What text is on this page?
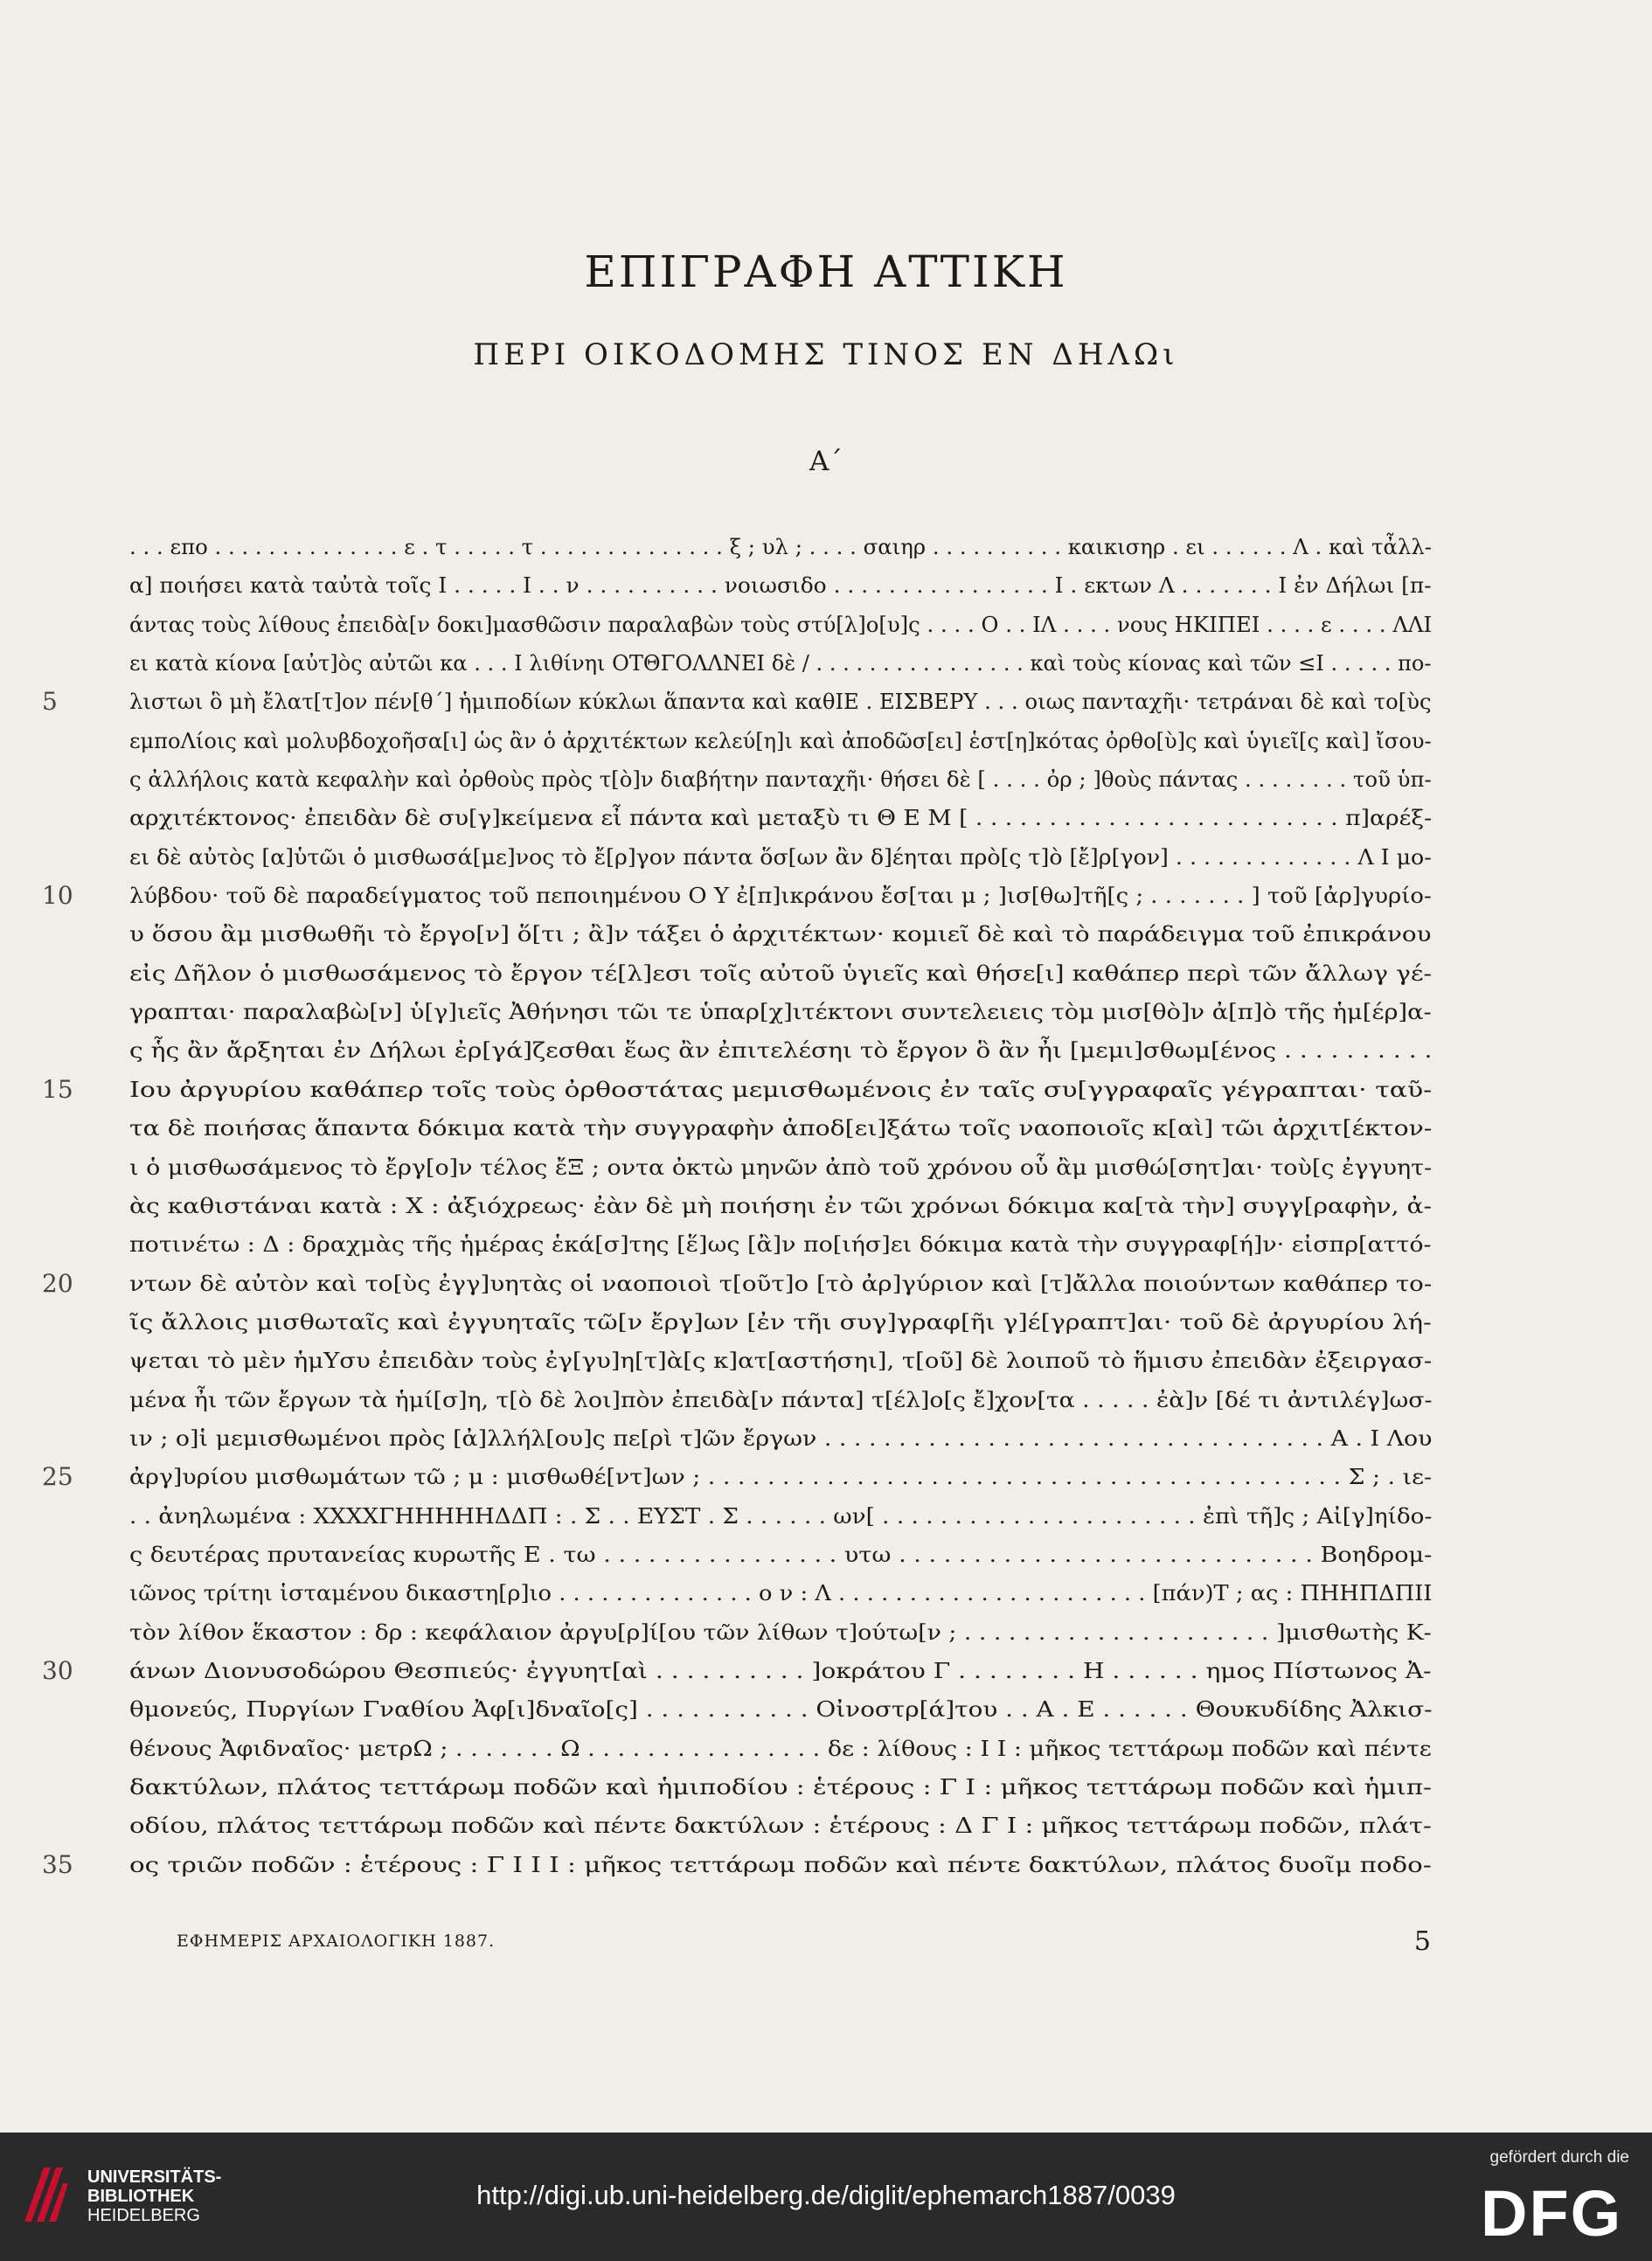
ΕΠΙΓΡΑΦΗ ΑΤΤΙΚΗ
ΠΕΡΙ ΟΙΚΟΔΟΜΗΣ ΤΙΝΟΣ ΕΝ ΔΗΛΩι
Α΄
. . . επο . . . . . . . . . . . . . . ε . τ . . . . . τ . . . . . . . . . . . . . . ξ ; υλ ; . . . . σαιηρ . . . . . . . . . . καικισηρ . ει . . . . . . Λ . καὶ τἆλλ-
α] ποιήσει κατὰ ταὐτὰ τοῖς Ι . . . . . Ι . . ν . . . . . . . . . . νοιωσιδο . . . . . . . . . . . . . . . . Ι . εκτων Λ . . . . . . . Ι ἐν Δήλωι [π-
άντας τοὺς λίθους ἐπειδὰ[ν δοκι]μασθῶσιν παραλαβὼν τοὺς στύ[λ]ο[υ]ς . . . . Ο . . ΙΛ . . . . νους ΗΚΙΠΕΙ . . . . ε . . . . ΛΛΙ
ει κατὰ κίονα [αὐτ]ὸς αὐτῶι κα . . . Ι λιθίνηι ΟΤΘΓΟΛΛΝΕΙ δὲ / . . . . . . . . . . . . . . . . καὶ τοὺς κίονας καὶ τῶν ≤Ι . . . . . πο-
5	λιστωι ὃ μὴ ἔλατ[τ]ον πέν[θ΄] ἡμιποδίων κύκλωι ἅπαντα καὶ καθΙΕ . ΕΙΣΒΕΡΥ . . . οιως πανταχῆι· τετράναι δὲ καὶ το[ὺς
εμποΛίοις καὶ μολυβδοχοῆσα[ι] ὡς ἂν ὁ ἀρχιτέκτων κελεύ[η]ι καὶ ἀποδῶσ[ει] ἑστ[η]κότας ὀρθο[ὺ]ς καὶ ὑγιεῖ[ς καὶ] ἴσου-
ς ἀλλήλοις κατὰ κεφαλὴν καὶ ὀρθοὺς πρὸς τ[ὸ]ν διαβήτην πανταχῆι· θήσει δὲ [ . . . . ὀρ ; ]θοὺς πάντας . . . . . . . . τοῦ ὑπ-
αρχιτέκτονος· ἐπειδὰν δὲ συ[γ]κείμενα εἶ πάντα καὶ μεταξὺ τι Θ Ε Μ [ . . . . . . . . . . . . . . . . . . . . . . . . . π]αρέξ-
ει δὲ αὐτὸς [α]ὑτῶι ὁ μισθωσά[με]νος τὸ ἔ[ρ]γον πάντα ὅσ[ων ἂν δ]έηται πρὸ[ς τ]ὸ [ἔ]ρ[γον] . . . . . . . . . . . . . Λ Ι μο-
10	λύβδου· τοῦ δὲ παραδείγματος τοῦ πεποιημένου Ο Υ ἐ[π]ικράνου ἔσ[ται μ ; ]ισ[θω]τῆ[ς ; . . . . . . . ] τοῦ [ἀρ]γυρίο-
υ ὅσου ἂμ μισθωθῆι τὸ ἔργο[ν] ὅ[τι ; ἂ]ν τάξει ὁ ἀρχιτέκτων· κομιεῖ δὲ καὶ τὸ παράδειγμα τοῦ ἐπικράνου
εἰς Δῆλον ὁ μισθωσάμενος τὸ ἔργον τέ[λ]εσι τοῖς αὐτοῦ ὑγιεῖς καὶ θήσε[ι] καθάπερ περὶ τῶν ἄλλωγ γέ-
γραπται· παραλαβὼ[ν] ὑ[γ]ιεῖς Ἀθήνησι τῶι τε ὑπαρ[χ]ιτέκτονι συντελειεις τὸμ μισ[θὸ]ν ἀ[π]ὸ τῆς ἡμ[έρ]α-
ς ἧς ἂν ἄρξηται ἐν Δήλωι ἐρ[γά]ζεσθαι ἕως ἂν ἐπιτελέσηι τὸ ἔργον ὃ ἂν ἦι [μεμι]σθωμ[ένος . . . . . . . . . .
15	Ιου ἀργυρίου καθάπερ τοῖς τοὺς ὀρθοστάτας μεμισθωμένοις ἐν ταῖς συ[γγραφαῖς γέγραπται· ταῦ-
τα δὲ ποιήσας ἅπαντα δόκιμα κατὰ τὴν συγγραφὴν ἀποδ[ει]ξάτω τοῖς ναοποιοῖς κ[αὶ] τῶι ἀρχιτ[έκτον-
ι ὁ μισθωσάμενος τὸ ἔργ[ο]ν τέλος ἔΞ ; οντα ὀκτὼ μηνῶν ἀπὸ τοῦ χρόνου οὗ ἂμ μισθώ[σητ]αι· τοὺ[ς ἐγγυητ-
ὰς καθιστάναι κατὰ : Χ : ἀξιόχρεως· ἐὰν δὲ μὴ ποιήσηι ἐν τῶι χρόνωι δόκιμα κα[τὰ τὴν] συγγ[ραφὴν, ἀ-
ποτινέτω : Δ : δραχμὰς τῆς ἡμέρας ἑκά[σ]της [ἕ]ως [ἂ]ν πο[ιήσ]ει δόκιμα κατὰ τὴν συγγραφ[ή]ν· εἰσπρ[αττό-
20	ντων δὲ αὐτὸν καὶ το[ὺς ἐγγ]υητὰς οἱ ναοποιοὶ τ[οῦτ]ο [τὸ ἀρ]γύριον καὶ [τ]ἄλλα ποιούντων καθάπερ το-
ῖς ἄλλοις μισθωταῖς καὶ ἐγγυηταῖς τῶ[ν ἔργ]ων [ἐν τῆι συγ]γραφ[ῆι γ]έ[γραπτ]αι· τοῦ δὲ ἀργυρίου λή-
ψεται τὸ μὲν ἡμΥσυ ἐπειδὰν τοὺς ἐγ[γυ]η[τ]ὰ[ς κ]ατ[αστήσηι], τ[οῦ] δὲ λοιποῦ τὸ ἥμισυ ἐπειδὰν ἐξειργασ-
μένα ἦι τῶν ἔργων τὰ ἡμί[σ]η, τ[ὸ δὲ λοι]πὸν ἐπειδὰ[ν πάντα] τ[έλ]ο[ς ἔ]χον[τα . . . . . ἐὰ]ν [δέ τι ἀντιλέγ]ωσ-
ιν ; ο]ἱ μεμισθωμένοι πρὸς [ἀ]λλήλ[ου]ς πε[ρὶ τ]ῶν ἔργων . . . . . . . . . . . . . . . . . . . . . . . . . . . . . . . . . . Α . Ι Λου
25	ἀργ]υρίου μισθωμάτων τῶ ; μ : μισθωθέ[ντ]ων ; . . . . . . . . . . . . . . . . . . . . . . . . . . . . . . . . . . . . . . . . . . . Σ ; . ιε-
. . ἀνηλωμένα : ΧΧΧΧΓΗΗΗΗΗΔΔΠ : . Σ . . ΕΥΣΤ . Σ . . . . . . ων[ . . . . . . . . . . . . . . . . . . . . . . ἐπὶ τῆ]ς ; Αἰ[γ]ηίδο-
ς δευτέρας πρυτανείας κυρωτῆς Ε . τω . . . . . . . . . . . . . . . . υτω . . . . . . . . . . . . . . . . . . . . . . . . . . . . Βοηδρομ-
ιῶνος τρίτηι ἱσταμένου δικαστη[ρ]ιο . . . . . . . . . . . . . . ο ν : Λ . . . . . . . . . . . . . . . . . . . . . . [πάν)Τ ; ας : ΠΗΗΠΔΠΙΙ
τὸν λίθον ἕκαστον : δρ : κεφάλαιον ἀργυ[ρ]ί[ου τῶν λίθων τ]ούτω[ν ; . . . . . . . . . . . . . . . . . . . . . ]μισθωτὴς Κ-
30	άνων Διονυσοδώρου Θεσπιεύς· ἐγγυητ[αὶ . . . . . . . . . . ]οκράτου Γ . . . . . . . . Η . . . . . . ημος Πίστωνος Ἀ-
θμονεύς, Πυργίων Γναθίου Ἀφ[ι]δναῖο[ς] . . . . . . . . . . . Οἰνοστρ[ά]του . . Α . Ε . . . . . . Θουκυδίδης Ἀλκισ-
θένους Ἀφιδναῖος· μετρΩ ; . . . . . . . Ω . . . . . . . . . . . . . . . . δε : λίθους : Ι Ι : μῆκος τεττάρωμ ποδῶν καὶ πέντε
δακτύλων, πλάτος τεττάρωμ ποδῶν καὶ ἡμιποδίου : ἑτέρους : Γ Ι : μῆκος τεττάρωμ ποδῶν καὶ ἡμιπ-
οδίου, πλάτος τεττάρωμ ποδῶν καὶ πέντε δακτύλων : ἑτέρους : Δ Γ Ι : μῆκος τεττάρωμ ποδῶν, πλάτ-
35	ος τριῶν ποδῶν : ἑτέρους : Γ Ι Ι Ι : μῆκος τεττάρωμ ποδῶν καὶ πέντε δακτύλων, πλάτος δυοῖμ ποδο-
ΕΦΗΜΕΡΙΣ ΑΡΧΑΙΟΛΟΓΙΚΗ 1887.	5
UNIVERSITÄTS-
BIBLIOTHEK
HEIDELBERG
http://digi.ub.uni-heidelberg.de/diglit/ephemarch1887/0039
gefördert durch die
DFG
